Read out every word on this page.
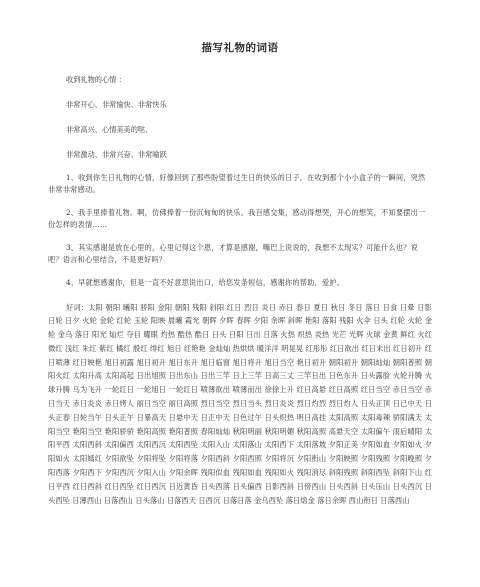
描写礼物的词语
收到礼物的心情 ：

非常开心、非常愉快、非常快乐

非常高兴、心情美美的哒、

非常激动、非常兴奋、非常喻跃

1、收到你生日礼物的心情，好像回到了那些盼望着过生日的快乐的日子，在收到那个小小盒子的一瞬间，突然非常非常感动。

2、我手里捧着礼物。啊，仿佛捧着一份沉甸甸的快乐。我百感交集，感动得想哭，开心的想笑，不知要摆出一份怎样的表情……

3、其实感谢是放在心里的，心里记得这个恩，才算是感谢，嘴巴上说说的，我想不太现实？可能什么也？说吧？语言和心里结合，不是更好吗？

4、早就想感谢你，但是一直不好意思说出口，给您发条短信，感谢你的帮助，爱护。

好词：太阳 朝阳 曦阳 骄阳 金阳 朝阳 残阳 斜阳 红日 烈日 炎日 赤日 春日 夏日 秋日 冬日 落日 日食 日晕 日影 日轮 日夕 火轮 金轮 红轮 玉轮 阳映 晨曦 霞光 朝晖 夕晖 春晖 夕阳 余晖 斜晖 艳阳 落阳 残阳 火伞 日头 红轮 火轮 金轮 金乌 落日 阳光 灿烂 夺目 耀眼 灼热 酷热 酷日 日头 日阳 日出 日落 火热 炽热 炎热 光芒 光辉 火球 金黄 鲜红 火红 微红 浅红 朱红 紫红 橘红 殷红 绯红 旭日 红艳艳 金灿灿 热烘烘 暖洋洋 明晃晃 红彤彤 红日欲出 红日未出 红日初升 红日喷薄 红日映艳 旭日初露 旭日初升 旭日东升 旭日临窗 旭日将升 旭日当空 艳日初升 朝阳初升 朝阳灿灿 朝阳普照 朝阳火红 太阳升高 太阳高起 日出旭照 日出东山 日出三竿 日上三竿 日高三丈 三竿日出 日色东升 日头露脸 火轮升腾 火球升腾 乌为飞升 一轮红日 一轮旭日 一轮红日 喷薄欲出 喷薄而出 徐徐上升 红日高悬 红日高照 红日当空 赤日当空 赤日当天 赤日炎炎 赤日烤人 丽日当空 丽日高照 烈日当空 烈日当头 烈日炎炎 烈日灼烈 烈日灼人 日头正顶 日已中天 日头正春 日轮当午 日头正午 日暴高天 日悬中天 日正中天 日色过午 日头炽热 明日高挂 太阳高照 太阳毒辣 骄阳满天 太阳当空 艳阳当空 艳阳骄骄 艳阳高照 艳阳普照 春阳灿灿 秋阳明丽 秋阳明媚 秋阳高照 高悬天空 太阳偏午 雨后晴阳 太阳平西 太阳西斜 太阳偏西 太阳西沉 太阳西坠 太阳入山 太阳落山 太阳西下 太阳落坡 夕阳正美 夕阳如血 夕阳如火 夕阳如火 太阳嫣红 夕阳欲坠 夕阳将坠 夕阳将落 夕阳西斜 夕阳西照 夕阳将沉 夕阳衔山 夕阳映照 夕阳残照 夕阳晚照 夕阳西落 夕阳西下 夕阳西沉 夕阳入山 夕阳余晖 残阳似血 残阳如血 残阳如火 残阳消尽 斜阳残照 斜阳西坠 斜阳下山 红日平西 红日西斜 红日西坠 红日西沉 日近黄昏 日头西落 日头偏西 日影西斜 日傍西山 日头西斜 日头压山 日头西沉 日头西坠 日薄西山 日落西山 日头落山 日落西天 日西沉 日落日落 金乌西坠 落日熔金 落日余晖 西山衔日 日落西山
